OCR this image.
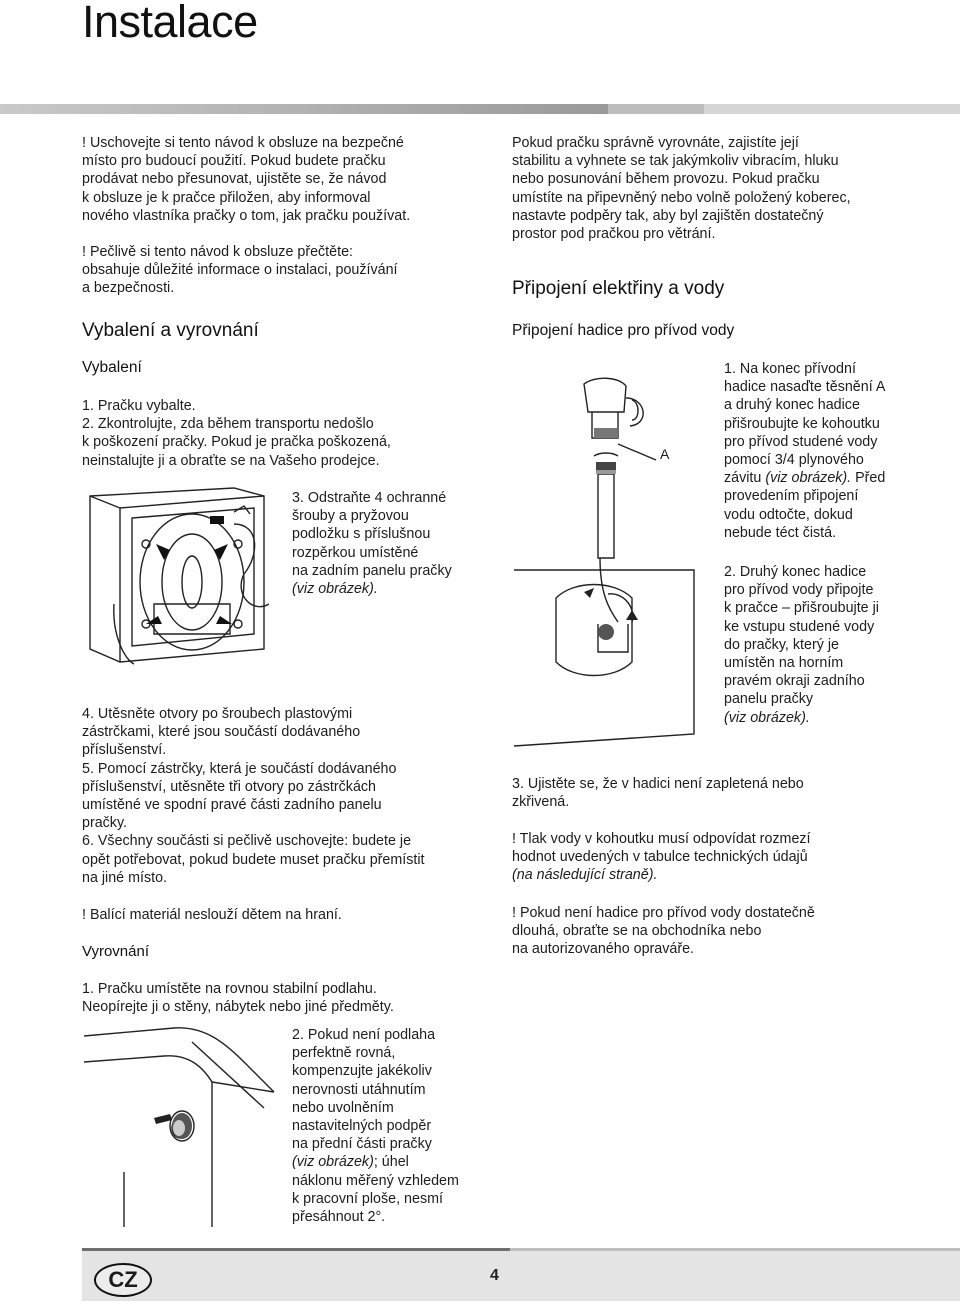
Instalace

! Uschovejte si tento návod k obsluze na bezpečné
místo pro budoucí použití. Pokud budete pračku
prodávat nebo přesunovat, ujistěte se, že návod
k obsluze je k pračce přiložen, aby informoval
nového vlastníka pračky o tom, jak pračku používat.

! Pečlivě si tento návod k obsluze přečtěte:
obsahuje důležité informace o instalaci, používání
a bezpečnosti.

Vybalení a vyrovnání
Vybalení

1. Pračku vybalte.
2. Zkontrolujte, zda během transportu nedošlo
k poškození pračky. Pokud je pračka poškozená,
neinstalujte ji a obraťte se na Vašeho prodejce.

3. Odstraňte 4 ochranné
šrouby a pryžovou
podložku s příslušnou
rozpěrkou umístěné
na zadním panelu pračky
(viz obrázek).

4. Utěsněte otvory po šroubech plastovými
zástrčkami, které jsou součástí dodávaného
příslušenství.
5. Pomocí zástrčky, která je součástí dodávaného
příslušenství, utěsněte tři otvory po zástrčkách
umístěné ve spodní pravé části zadního panelu
pračky.
6. Všechny součásti si pečlivě uschovejte: budete je
opět potřebovat, pokud budete muset pračku přemístit
na jiné místo.

! Balící materiál neslouží dětem na hraní.

Vyrovnání

1. Pračku umístěte na rovnou stabilní podlahu.
Neopírejte ji o stěny, nábytek nebo jiné předměty.

2. Pokud není podlaha
perfektně rovná,
kompenzujte jakékoliv
nerovnosti utáhnutím
nebo uvolněním
nastavitelných podpěr
na přední části pračky
(viz obrázek); úhel
náklonu měřený vzhledem
k pracovní ploše, nesmí
přesáhnout 2°.

Pokud pračku správně vyrovnáte, zajistíte její
stabilitu a vyhnete se tak jakýmkoliv vibracím, hluku
nebo posunování během provozu. Pokud pračku
umístíte na připevněný nebo volně položený koberec,
nastavte podpěry tak, aby byl zajištěn dostatečný
prostor pod pračkou pro větrání.

Připojení elektřiny a vody
Připojení hadice pro přívod vody
A

1. Na konec přívodní
hadice nasaďte těsnění A
a druhý konec hadice
přišroubujte ke kohoutku
pro přívod studené vody
pomocí 3/4 plynového
závitu (viz obrázek). Před
provedením připojení
vodu odtočte, dokud
nebude téct čistá.

2. Druhý konec hadice
pro přívod vody připojte
k pračce – přišroubujte ji
ke vstupu studené vody
do pračky, který je
umístěn na horním
pravém okraji zadního
panelu pračky
(viz obrázek).

3. Ujistěte se, že v hadici není zapletená nebo
zkřivená.

! Tlak vody v kohoutku musí odpovídat rozmezí
hodnot uvedených v tabulce technických údajů
(na následující straně).

! Pokud není hadice pro přívod vody dostatečně
dlouhá, obraťte se na obchodníka nebo
na autorizovaného opraváře.

CZ	4
